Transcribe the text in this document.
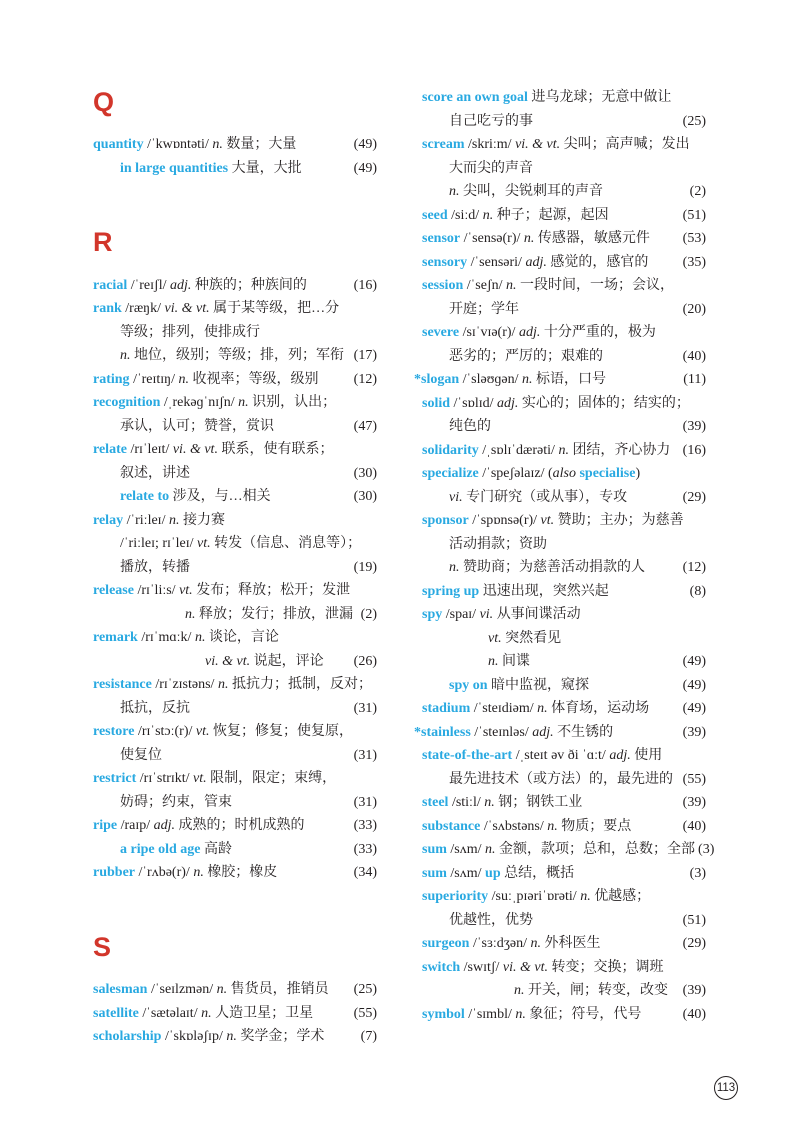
Q
quantity /ˈkwɒntəti/ n. 数量；大量	(49)
in large quantities 大量，大批	(49)
R
racial /ˈreɪʃl/ adj. 种族的；种族间的	(16)
rank /ræŋk/ vi. & vt. 属于某等级，把…分
等级；排列，使排成行
n. 地位，级别；等级；排，列；军衔 (17)
rating /ˈreɪtɪŋ/ n. 收视率；等级，级别	(12)
recognition /ˌrekəɡˈnɪʃn/ n. 识别，认出；
承认，认可；赞誉，赏识	(47)
relate /rɪˈleɪt/ vi. & vt. 联系，使有联系；
叙述，讲述	(30)
relate to 涉及，与…相关	(30)
relay /ˈriːleɪ/ n. 接力赛
/ˈriːleɪ; rɪˈleɪ/ vt. 转发（信息、消息等）；
播放，转播	(19)
release /rɪˈliːs/ vt. 发布；释放；松开；发泄
n. 释放；发行；排放，泄漏 (2)
remark /rɪˈmɑːk/ n. 谈论，言论
vi. & vt. 说起，评论 (26)
resistance /rɪˈzɪstəns/ n. 抵抗力；抵制，反对；
抵抗，反抗	(31)
restore /rɪˈstɔː(r)/ vt. 恢复；修复；使复原，
使复位	(31)
restrict /rɪˈstrɪkt/ vt. 限制，限定；束缚，
妨碍；约束，管束	(31)
ripe /raɪp/ adj. 成熟的；时机成熟的	(33)
a ripe old age 高龄	(33)
rubber /ˈrʌbə(r)/ n. 橡胶；橡皮	(34)
S
salesman /ˈseɪlzmən/ n. 售货员，推销员 (25)
satellite /ˈsætəlaɪt/ n. 人造卫星；卫星	(55)
scholarship /ˈskɒləʃɪp/ n. 奖学金；学术	(7)
score an own goal 进乌龙球；无意中做让
自己吃亏的事	(25)
scream /skriːm/ vi. & vt. 尖叫；高声喊；发出
大而尖的声音
n. 尖叫，尖锐刺耳的声音	(2)
seed /siːd/ n. 种子；起源，起因	(51)
sensor /ˈsensə(r)/ n. 传感器，敏感元件 (53)
sensory /ˈsensəri/ adj. 感觉的，感官的 (35)
session /ˈseʃn/ n. 一段时间，一场；会议，
开庭；学年	(20)
severe /sɪˈvɪə(r)/ adj. 十分严重的，极为
恶劣的；严厉的；艰难的	(40)
*slogan /ˈsləʊɡən/ n. 标语，口号	(11)
solid /ˈsɒlɪd/ adj. 实心的；固体的；结实的；
纯色的	(39)
solidarity /ˌsɒlɪˈdærəti/ n. 团结，齐心协力 (16)
specialize /ˈspeʃəlaɪz/ (also specialise)
vi. 专门研究（或从事），专攻	(29)
sponsor /ˈspɒnsə(r)/ vt. 赞助；主办；为慈善
活动捐款；资助
n. 赞助商；为慈善活动捐款的人	(12)
spring up 迅速出现，突然兴起	(8)
spy /spaɪ/ vi. 从事间谍活动
vt. 突然看见
n. 间谍	(49)
spy on 暗中监视，窥探	(49)
stadium /ˈsteɪdiəm/ n. 体育场，运动场 (49)
*stainless /ˈsteɪnləs/ adj. 不生锈的	(39)
state-of-the-art /ˌsteɪt əv ði ˈɑːt/ adj. 使用
最先进技术（或方法）的，最先进的 (55)
steel /stiːl/ n. 钢；钢铁工业	(39)
substance /ˈsʌbstəns/ n. 物质；要点	(40)
sum /sʌm/ n. 金额，款项；总和，总数；全部 (3)
sum /sʌm/ up 总结，概括	(3)
superiority /suːˌpɪəriˈɒrəti/ n. 优越感；
优越性，优势	(51)
surgeon /ˈsɜːdʒən/ n. 外科医生	(29)
switch /swɪtʃ/ vi. & vt. 转变；交换；调班
n. 开关，闸；转变，改变 (39)
symbol /ˈsɪmbl/ n. 象征；符号，代号	(40)
113
